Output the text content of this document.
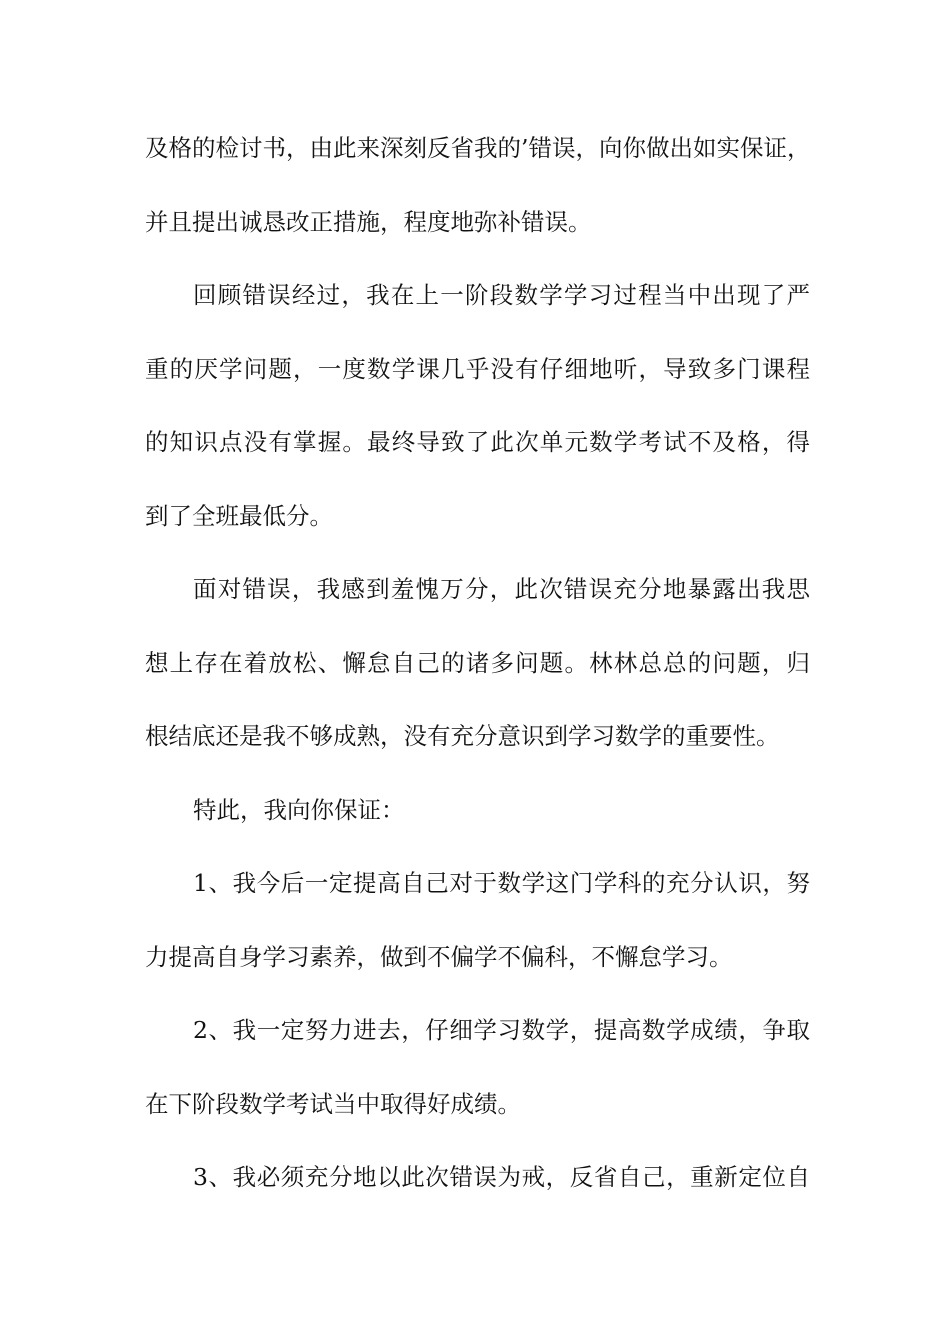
及格的检讨书，由此来深刻反省我的’错误，向你做出如实保证，
并且提出诚恳改正措施，程度地弥补错误。
回顾错误经过，我在上一阶段数学学习过程当中出现了严
重的厌学问题，一度数学课几乎没有仔细地听，导致多门课程
的知识点没有掌握。最终导致了此次单元数学考试不及格，得
到了全班最低分。
面对错误，我感到羞愧万分，此次错误充分地暴露出我思
想上存在着放松、懈怠自己的诸多问题。林林总总的问题，归
根结底还是我不够成熟，没有充分意识到学习数学的重要性。
特此，我向你保证：
1、我今后一定提高自己对于数学这门学科的充分认识，努
力提高自身学习素养，做到不偏学不偏科，不懈怠学习。
2、我一定努力进去，仔细学习数学，提高数学成绩，争取
在下阶段数学考试当中取得好成绩。
3、我必须充分地以此次错误为戒，反省自己，重新定位自
